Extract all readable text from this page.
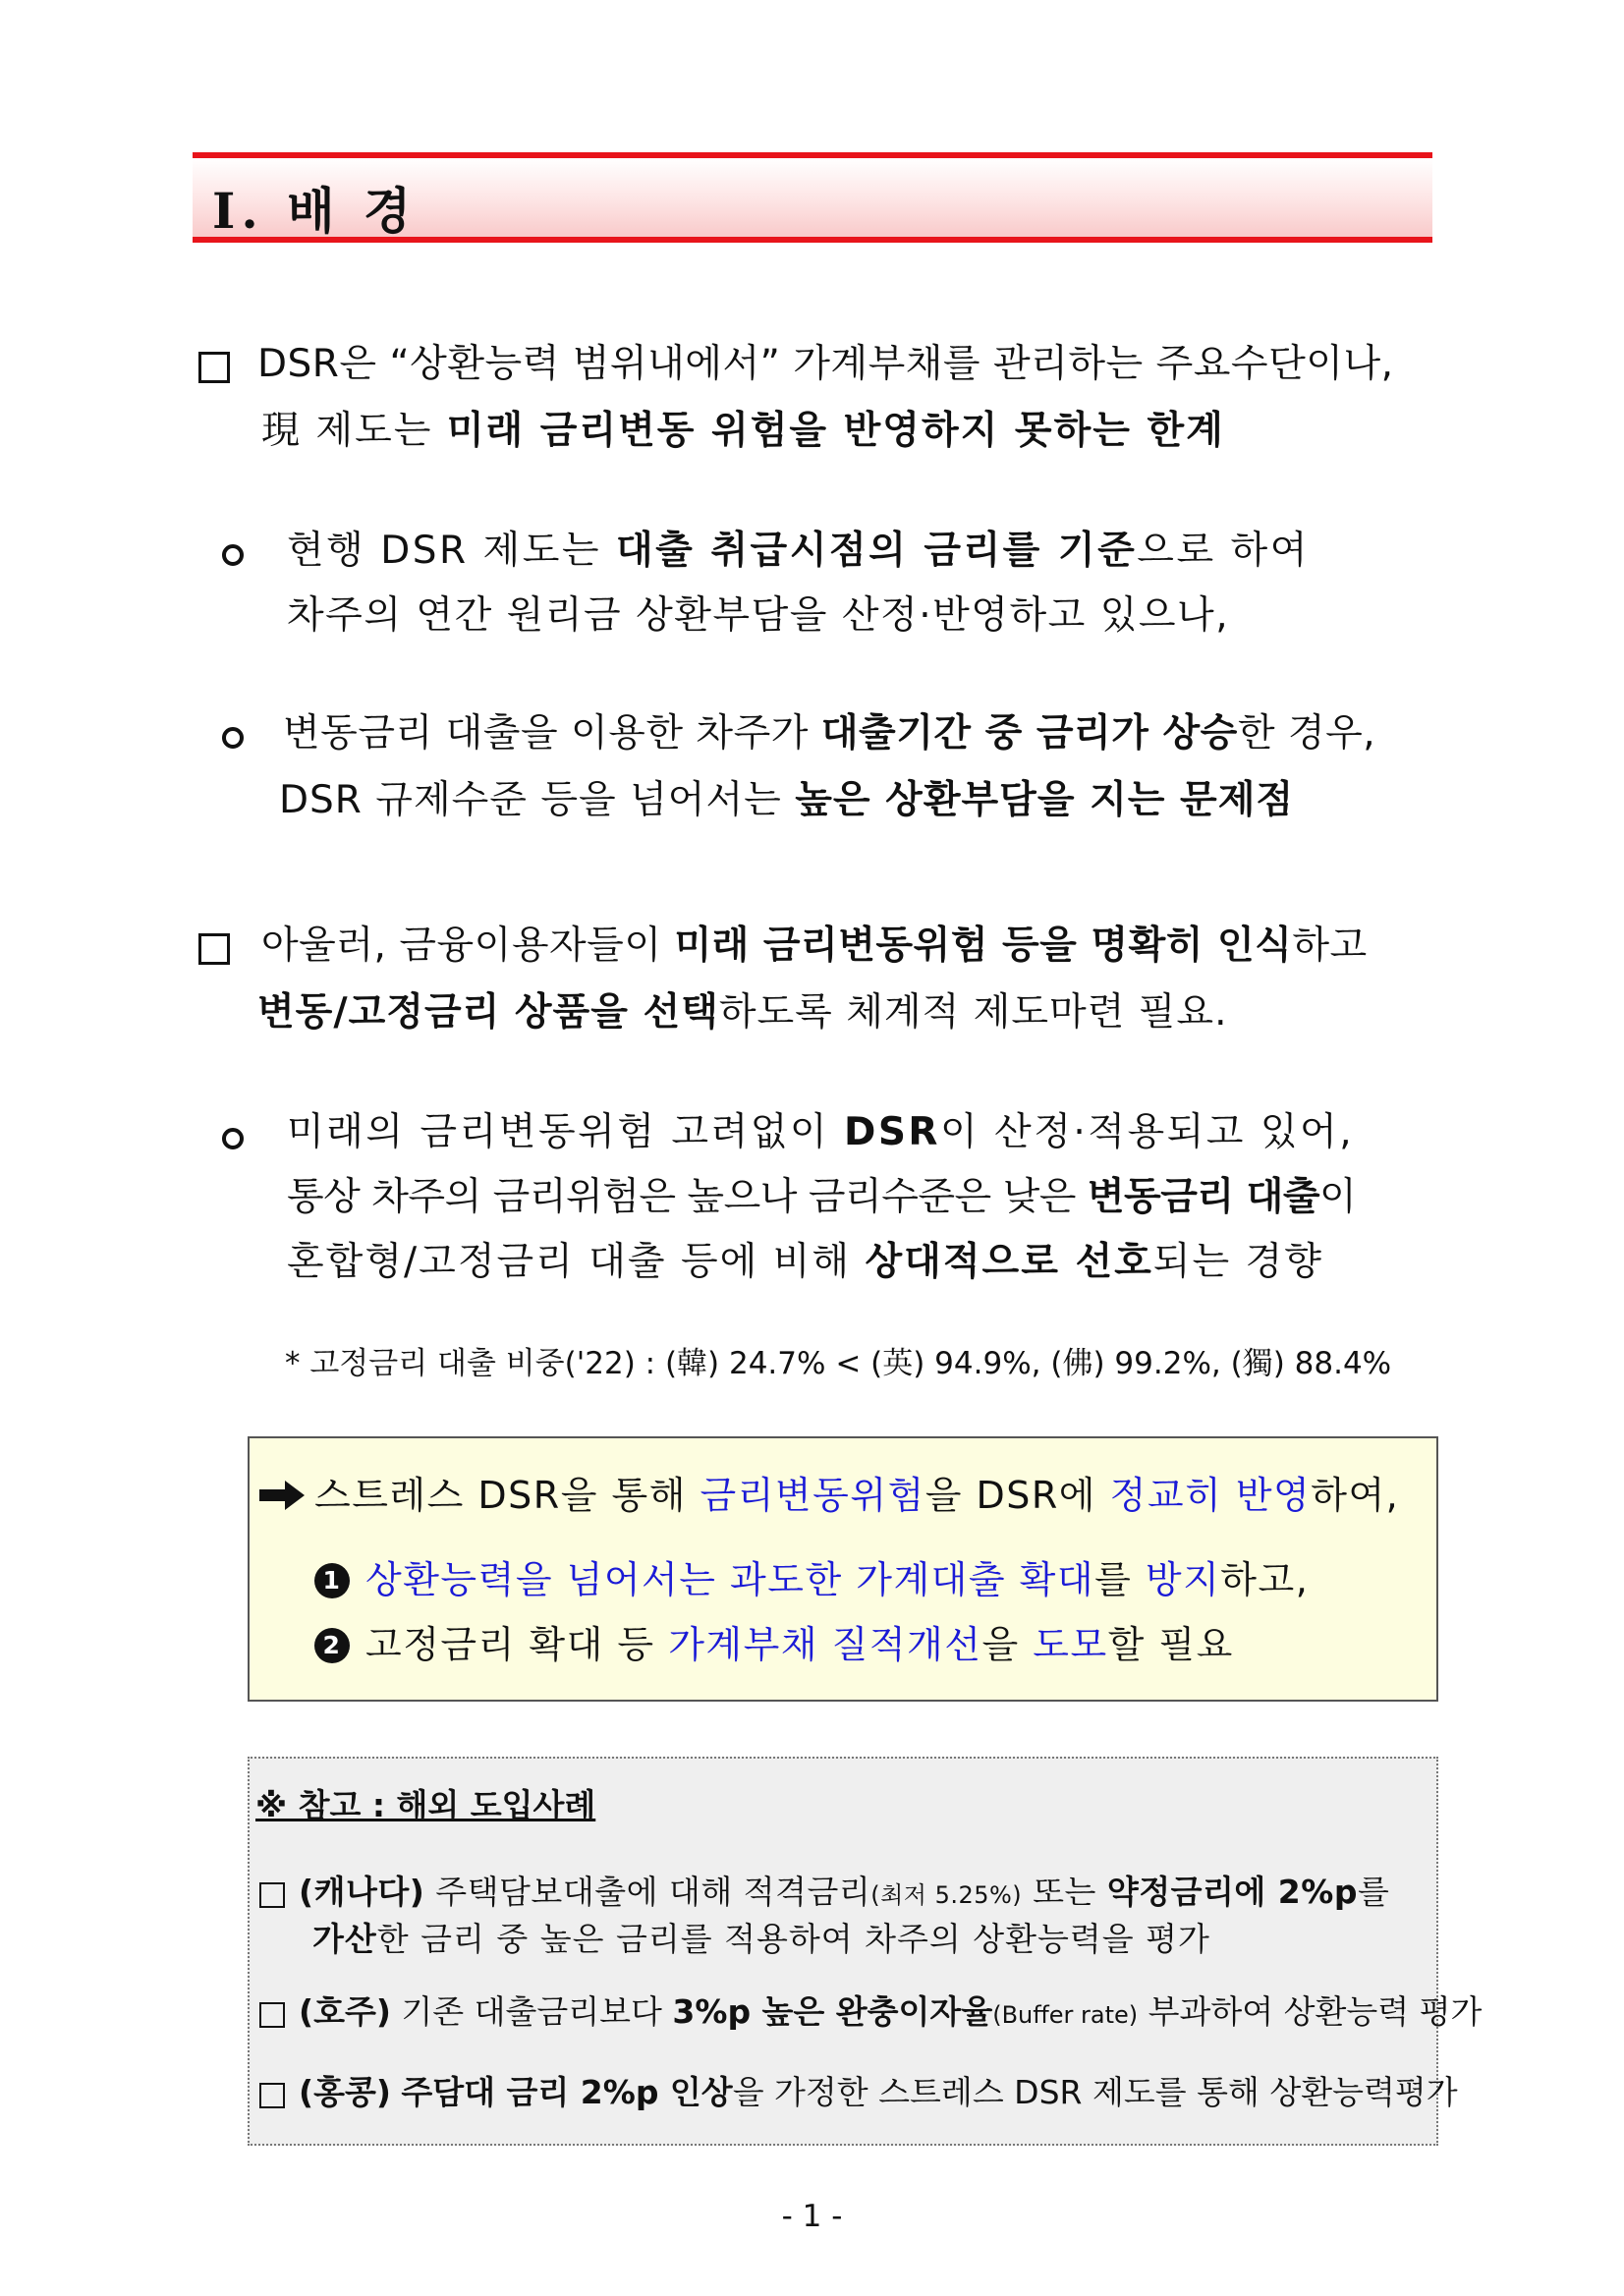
Ⅰ. 배 경
DSR은 “상환능력 범위내에서” 가계부채를 관리하는 주요수단이나,
現 제도는 미래 금리변동 위험을 반영하지 못하는 한계
현행 DSR 제도는 대출 취급시점의 금리를 기준으로 하여
차주의 연간 원리금 상환부담을 산정·반영하고 있으나,
변동금리 대출을 이용한 차주가 대출기간 중 금리가 상승한 경우,
DSR 규제수준 등을 넘어서는 높은 상환부담을 지는 문제점
아울러, 금융이용자들이 미래 금리변동위험 등을 명확히 인식하고
변동/고정금리 상품을 선택하도록 체계적 제도마련 필요.
미래의 금리변동위험 고려없이 DSR이 산정·적용되고 있어,
통상 차주의 금리위험은 높으나 금리수준은 낮은 변동금리 대출이
혼합형/고정금리 대출 등에 비해 상대적으로 선호되는 경향
* 고정금리 대출 비중('22) : (韓) 24.7% < (英) 94.9%, (佛) 99.2%, (獨) 88.4%
스트레스 DSR을 통해 금리변동위험을 DSR에 정교히 반영하여,
1 상환능력을 넘어서는 과도한 가계대출 확대를 방지하고,
2 고정금리 확대 등 가계부채 질적개선을 도모할 필요
※ 참고 : 해외 도입사례
(캐나다) 주택담보대출에 대해 적격금리(최저 5.25%) 또는 약정금리에 2%p를
가산한 금리 중 높은 금리를 적용하여 차주의 상환능력을 평가
(호주) 기존 대출금리보다 3%p 높은 완충이자율(Buffer rate) 부과하여 상환능력 평가
(홍콩) 주담대 금리 2%p 인상을 가정한 스트레스 DSR 제도를 통해 상환능력평가
- 1 -
